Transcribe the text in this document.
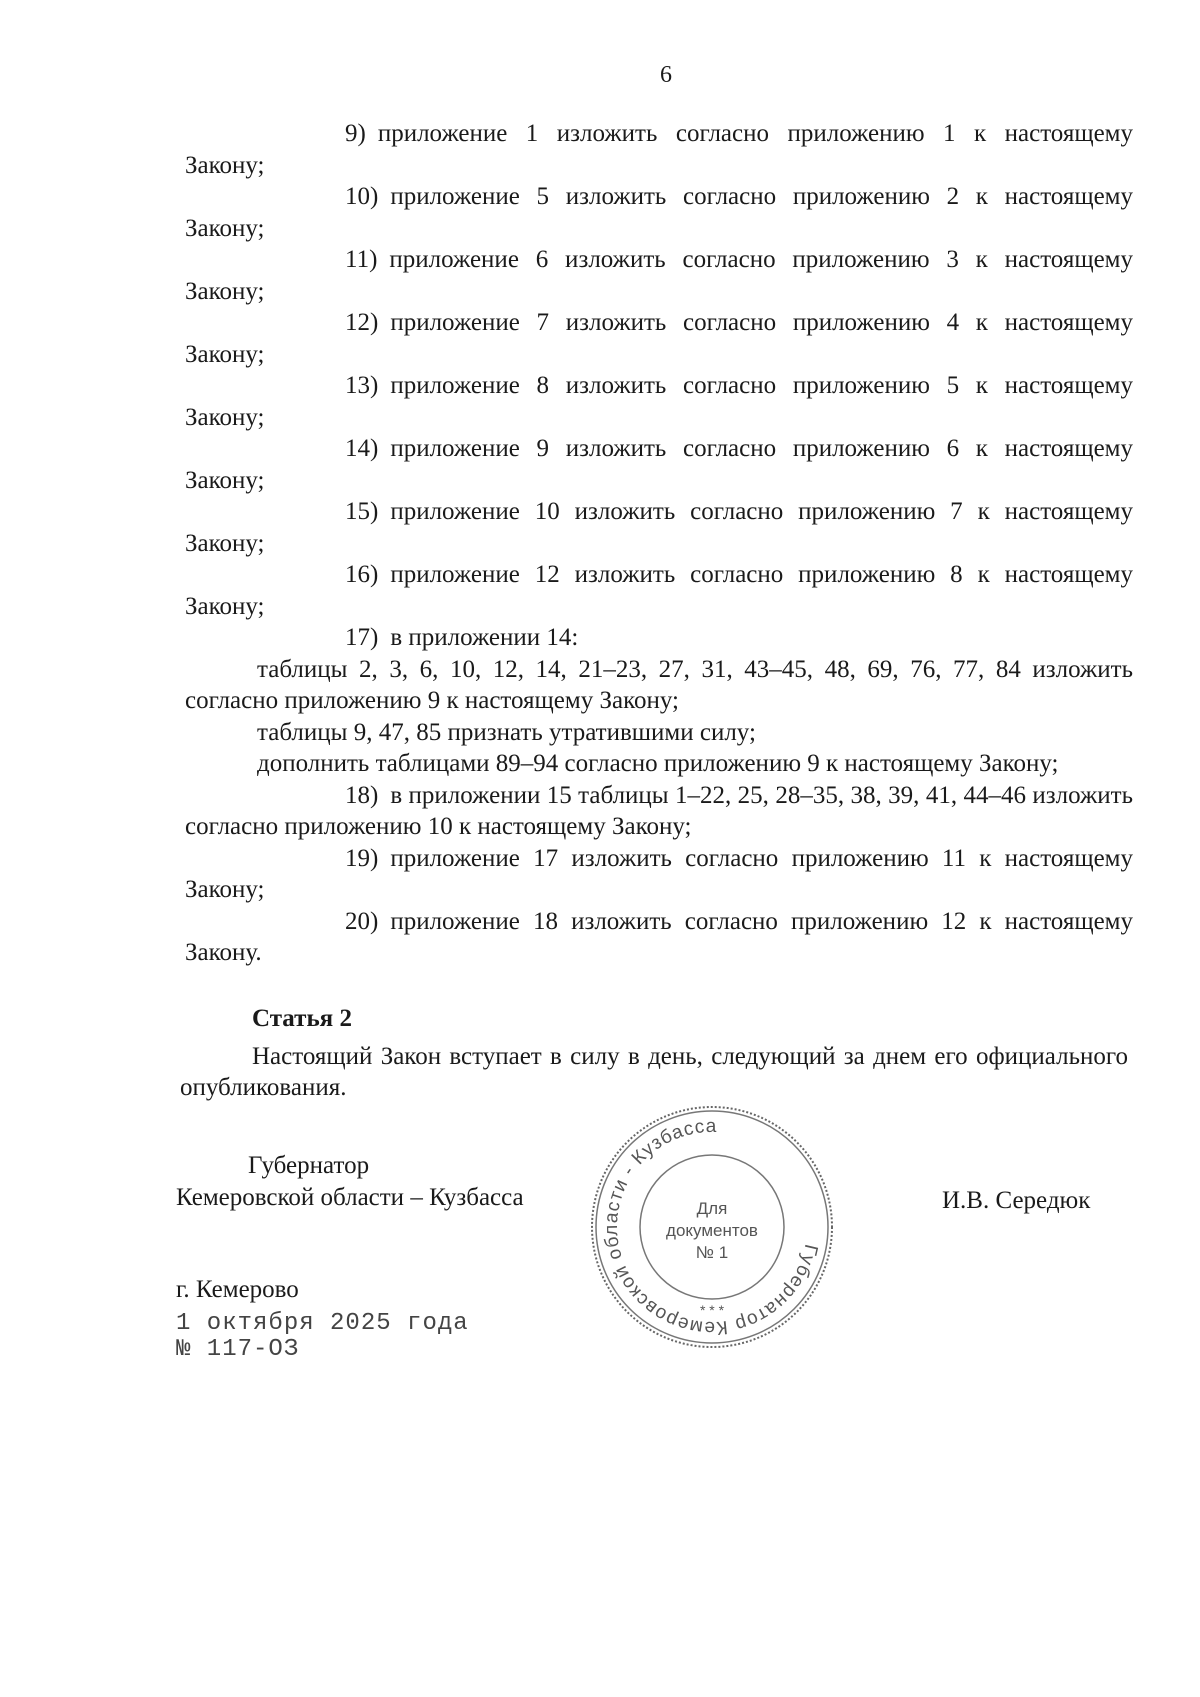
6

9) приложение 1 изложить согласно приложению 1 к настоящему Закону;

10) приложение 5 изложить согласно приложению 2 к настоящему Закону;

11) приложение 6 изложить согласно приложению 3 к настоящему Закону;

12) приложение 7 изложить согласно приложению 4 к настоящему Закону;

13) приложение 8 изложить согласно приложению 5 к настоящему Закону;

14) приложение 9 изложить согласно приложению 6 к настоящему Закону;

15) приложение 10 изложить согласно приложению 7 к настоящему Закону;

16) приложение 12 изложить согласно приложению 8 к настоящему Закону;

17) в приложении 14:

таблицы 2, 3, 6, 10, 12, 14, 21–23, 27, 31, 43–45, 48, 69, 76, 77, 84 изложить согласно приложению 9 к настоящему Закону;

таблицы 9, 47, 85 признать утратившими силу;

дополнить таблицами 89–94 согласно приложению 9 к настоящему Закону;

18) в приложении 15 таблицы 1–22, 25, 28–35, 38, 39, 41, 44–46 изложить согласно приложению 10 к настоящему Закону;

19) приложение 17 изложить согласно приложению 11 к настоящему Закону;

20) приложение 18 изложить согласно приложению 12 к настоящему Закону.

Статья 2

Настоящий Закон вступает в силу в день, следующий за днем его официального опубликования.

Губернатор
Кемеровской области – Кузбасса	И.В. Середюк
Губернатор Кемеровской области - Кузбасса
* * *
Для
документов
№ 1
г. Кемерово
1 октября 2025 года
№ 117-ОЗ
